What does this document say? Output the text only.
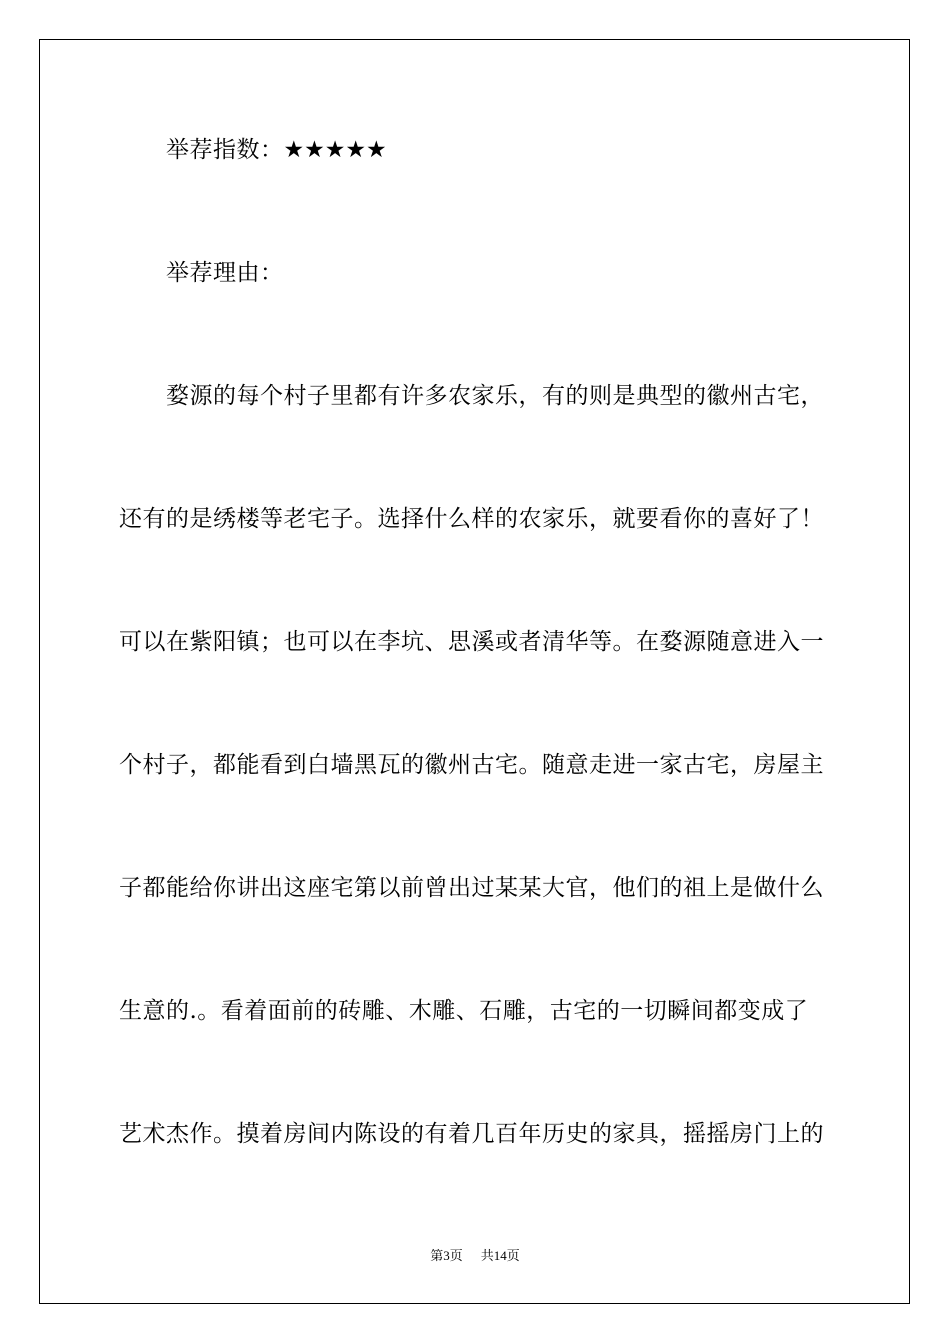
举荐指数：★★★★★
举荐理由：
婺源的每个村子里都有许多农家乐，有的则是典型的徽州古宅，
还有的是绣楼等老宅子。选择什么样的农家乐，就要看你的喜好了！
可以在紫阳镇；也可以在李坑、思溪或者清华等。在婺源随意进入一
个村子，都能看到白墙黑瓦的徽州古宅。随意走进一家古宅，房屋主
子都能给你讲出这座宅第以前曾出过某某大官，他们的祖上是做什么
生意的.。看着面前的砖雕、木雕、石雕，古宅的一切瞬间都变成了
艺术杰作。摸着房间内陈设的有着几百年历史的家具，摇摇房门上的
第3页 共14页
